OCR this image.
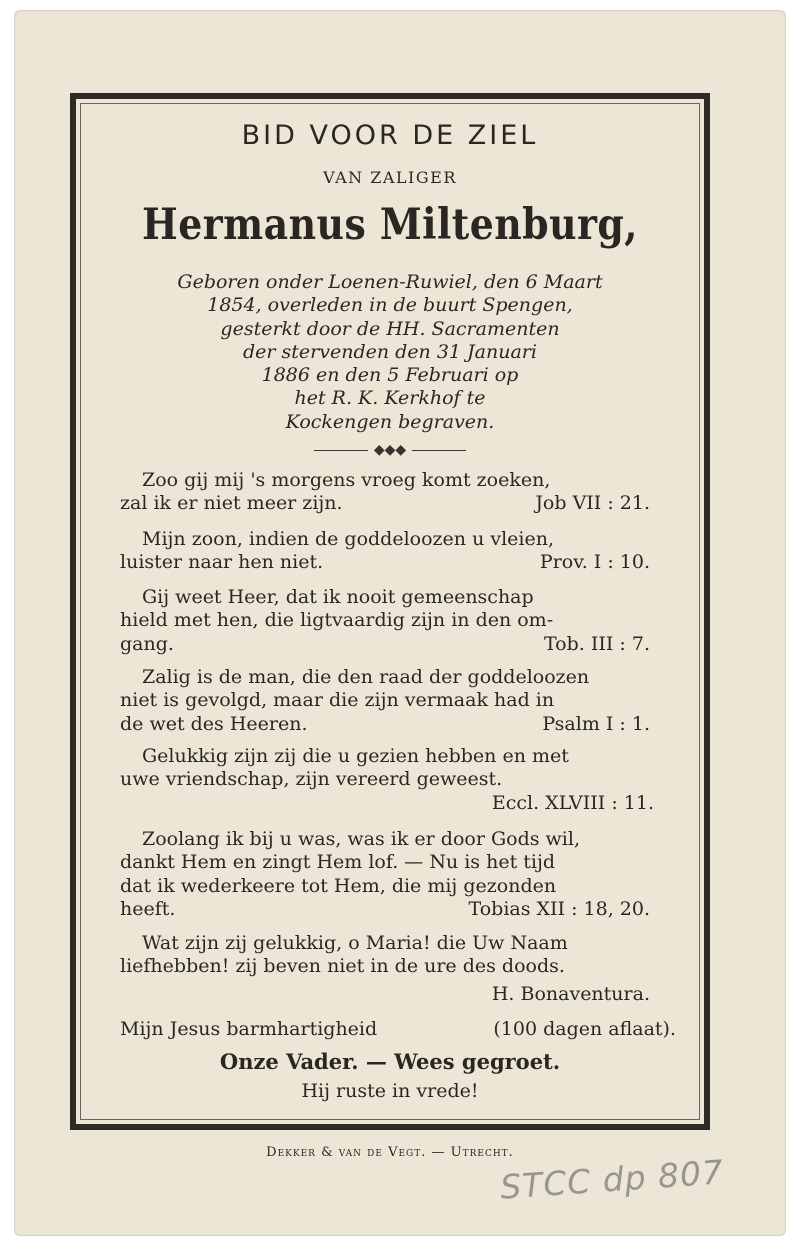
BID VOOR DE ZIEL
VAN ZALIGER
Hermanus Miltenburg,
Geboren onder Loenen-Ruwiel, den 6 Maart
1854, overleden in de buurt Spengen,
gesterkt door de HH. Sacramenten
der stervenden den 31 Januari
1886 en den 5 Februari op
het R. K. Kerkhof te
Kockengen begraven.
◆◆◆
Zoo gij mij 's morgens vroeg komt zoeken,
zal ik er niet meer zijn.	Job VII : 21.
Mijn zoon, indien de goddeloozen u vleien,
luister naar hen niet.	Prov. I : 10.
Gij weet Heer, dat ik nooit gemeenschap
hield met hen, die ligtvaardig zijn in den om-
gang.	Tob. III : 7.
Zalig is de man, die den raad der goddeloozen
niet is gevolgd, maar die zijn vermaak had in
de wet des Heeren.	Psalm I : 1.
Gelukkig zijn zij die u gezien hebben en met
uwe vriendschap, zijn vereerd geweest.
Eccl. XLVIII : 11.
Zoolang ik bij u was, was ik er door Gods wil,
dankt Hem en zingt Hem lof. — Nu is het tijd
dat ik wederkeere tot Hem, die mij gezonden
heeft.	Tobias XII : 18, 20.
Wat zijn zij gelukkig, o Maria! die Uw Naam
liefhebben! zij beven niet in de ure des doods.
H. Bonaventura.
Mijn Jesus barmhartigheid	(100 dagen aflaat).
Onze Vader. — Wees gegroet.
Hij ruste in vrede!
Dekker & van de Vegt. — Utrecht.
STCC dp 807
